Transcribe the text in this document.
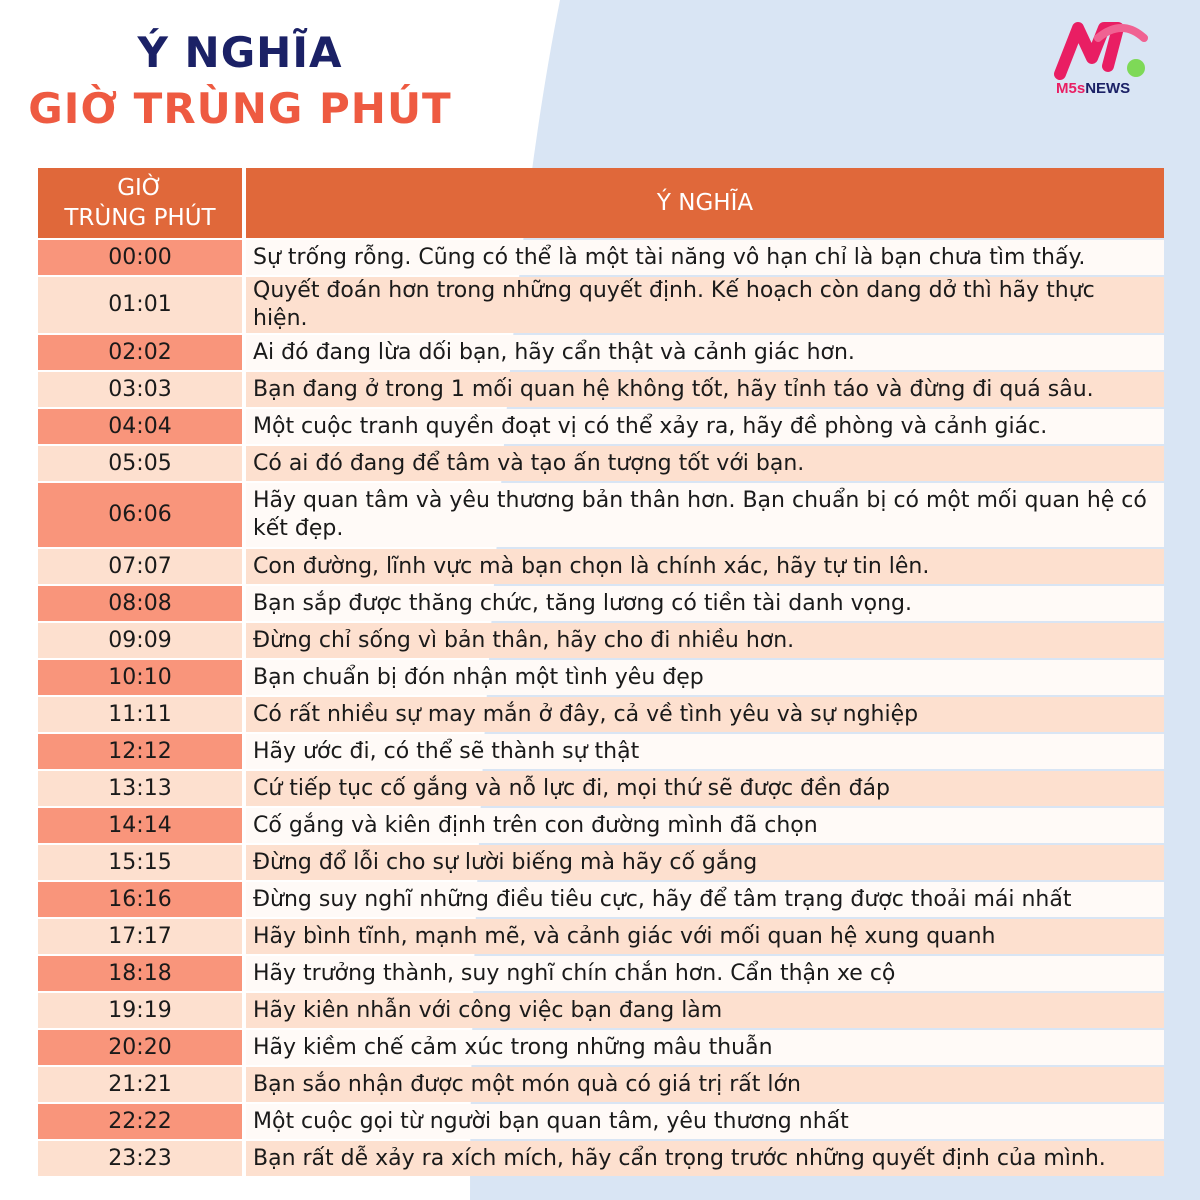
Ý NGHĨA
GIỜ TRÙNG PHÚT	M5sNEWS
GIỜ
TRÙNG PHÚT	Ý NGHĨA
00:00	Sự trống rỗng. Cũng có thể là một tài năng vô hạn chỉ là bạn chưa tìm thấy.
01:01	Quyết đoán hơn trong những quyết định. Kế hoạch còn dang dở thì hãy thực hiện.
02:02	Ai đó đang lừa dối bạn, hãy cẩn thật và cảnh giác hơn.
03:03	Bạn đang ở trong 1 mối quan hệ không tốt, hãy tỉnh táo và đừng đi quá sâu.
04:04	Một cuộc tranh quyền đoạt vị có thể xảy ra, hãy đề phòng và cảnh giác.
05:05	Có ai đó đang để tâm và tạo ấn tượng tốt với bạn.
06:06	Hãy quan tâm và yêu thương bản thân hơn. Bạn chuẩn bị có một mối quan hệ có kết đẹp.
07:07	Con đường, lĩnh vực mà bạn chọn là chính xác, hãy tự tin lên.
08:08	Bạn sắp được thăng chức, tăng lương có tiền tài danh vọng.
09:09	Đừng chỉ sống vì bản thân, hãy cho đi nhiều hơn.
10:10	Bạn chuẩn bị đón nhận một tình yêu đẹp
11:11	Có rất nhiều sự may mắn ở đây, cả về tình yêu và sự nghiệp
12:12	Hãy ước đi, có thể sẽ thành sự thật
13:13	Cứ tiếp tục cố gắng và nỗ lực đi, mọi thứ sẽ được đền đáp
14:14	Cố gắng và kiên định trên con đường mình đã chọn
15:15	Đừng đổ lỗi cho sự lười biếng mà hãy cố gắng
16:16	Đừng suy nghĩ những điều tiêu cực, hãy để tâm trạng được thoải mái nhất
17:17	Hãy bình tĩnh, mạnh mẽ, và cảnh giác với mối quan hệ xung quanh
18:18	Hãy trưởng thành, suy nghĩ chín chắn hơn. Cẩn thận xe cộ
19:19	Hãy kiên nhẫn với công việc bạn đang làm
20:20	Hãy kiềm chế cảm xúc trong những mâu thuẫn
21:21	Bạn sắo nhận được một món quà có giá trị rất lớn
22:22	Một cuộc gọi từ người bạn quan tâm, yêu thương nhất
23:23	Bạn rất dễ xảy ra xích mích, hãy cẩn trọng trước những quyết định của mình.
